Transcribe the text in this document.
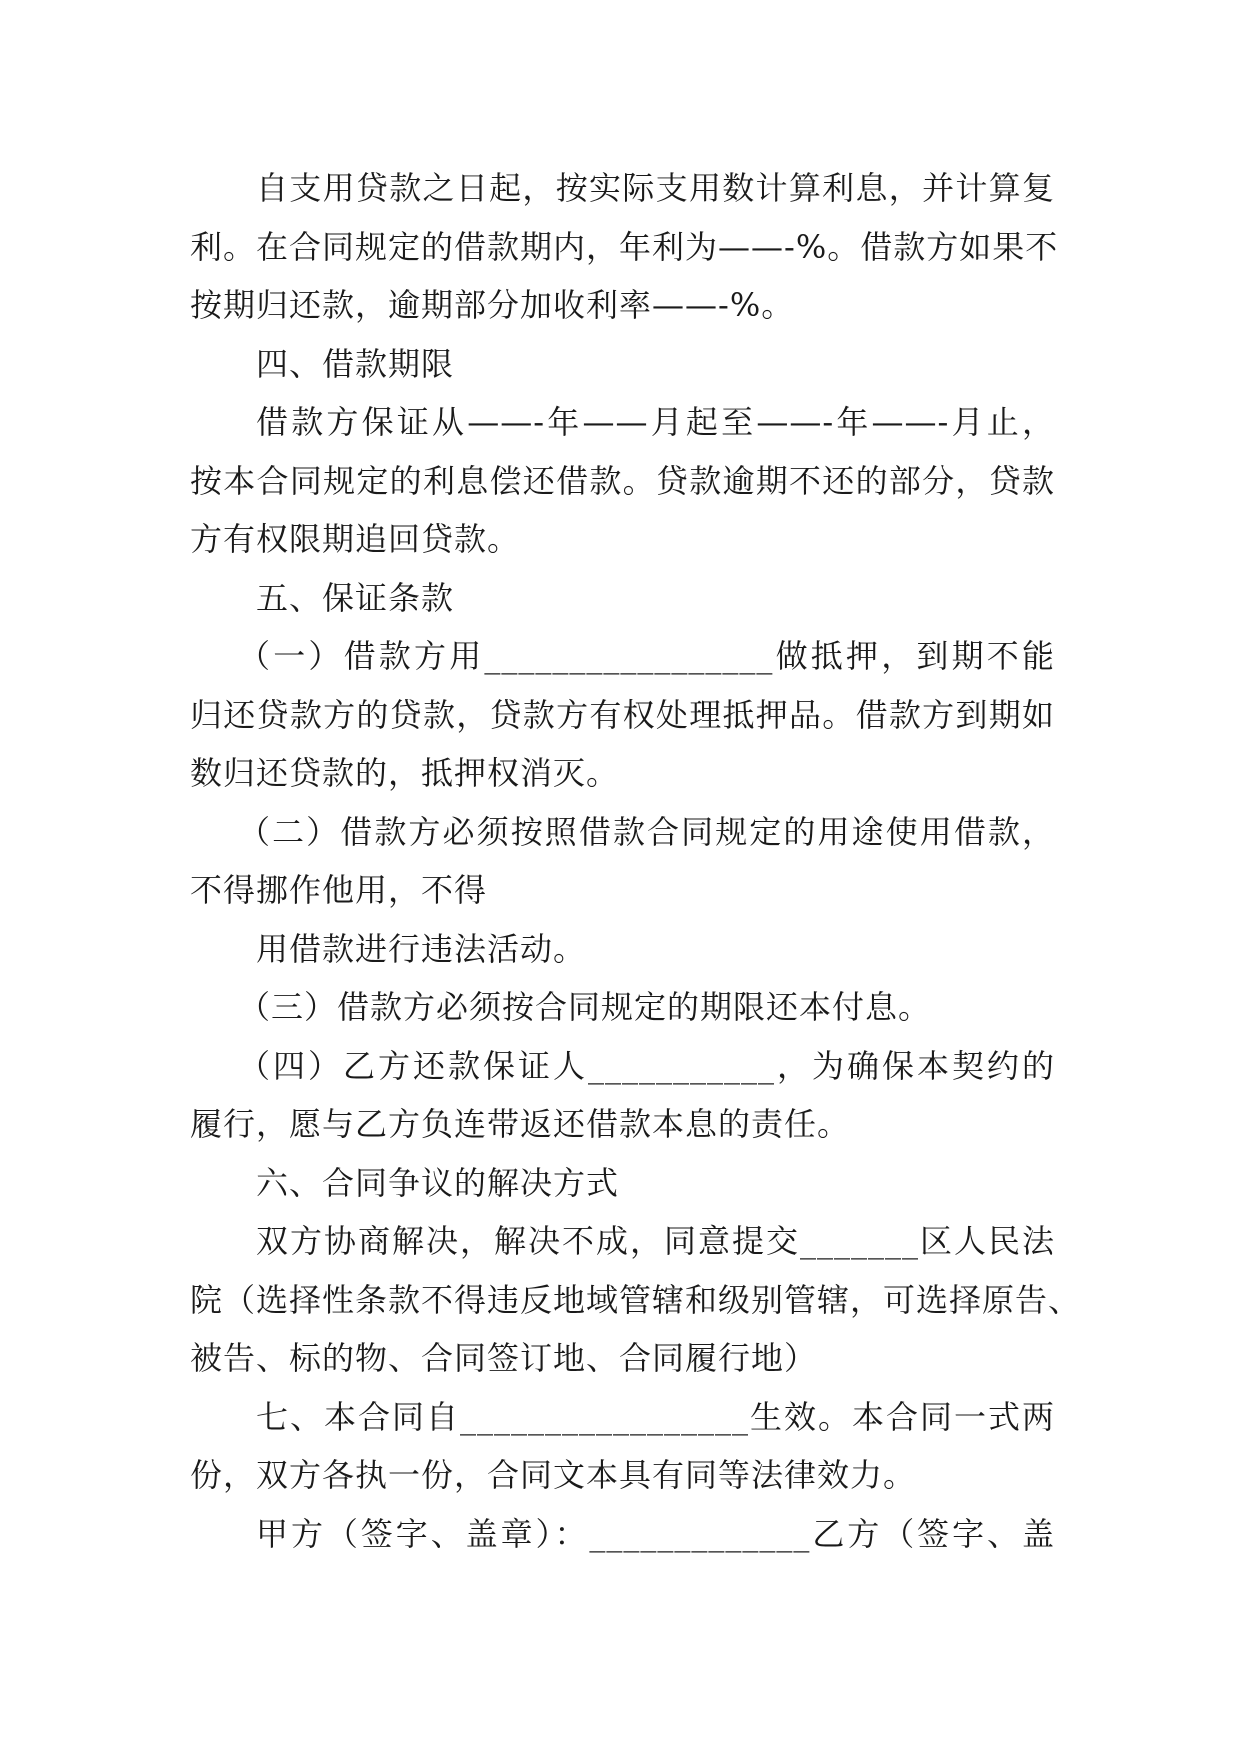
自支用贷款之日起，按实际支用数计算利息，并计算复
利。在合同规定的借款期内，年利为——-%。借款方如果不
按期归还款，逾期部分加收利率——-%。
四、借款期限
借款方保证从——-年——月起至——-年——-月止，
按本合同规定的利息偿还借款。贷款逾期不还的部分，贷款
方有权限期追回贷款。
五、保证条款
（一）借款方用_________________做抵押，到期不能
归还贷款方的贷款，贷款方有权处理抵押品。借款方到期如
数归还贷款的，抵押权消灭。
（二）借款方必须按照借款合同规定的用途使用借款，
不得挪作他用，不得
用借款进行违法活动。
（三）借款方必须按合同规定的期限还本付息。
（四）乙方还款保证人___________，为确保本契约的
履行，愿与乙方负连带返还借款本息的责任。
六、合同争议的解决方式
双方协商解决，解决不成，同意提交_______区人民法
院（选择性条款不得违反地域管辖和级别管辖，可选择原告、
被告、标的物、合同签订地、合同履行地）
七、本合同自_________________生效。本合同一式两
份，双方各执一份，合同文本具有同等法律效力。
甲方（签字、盖章）：_____________乙方（签字、盖
